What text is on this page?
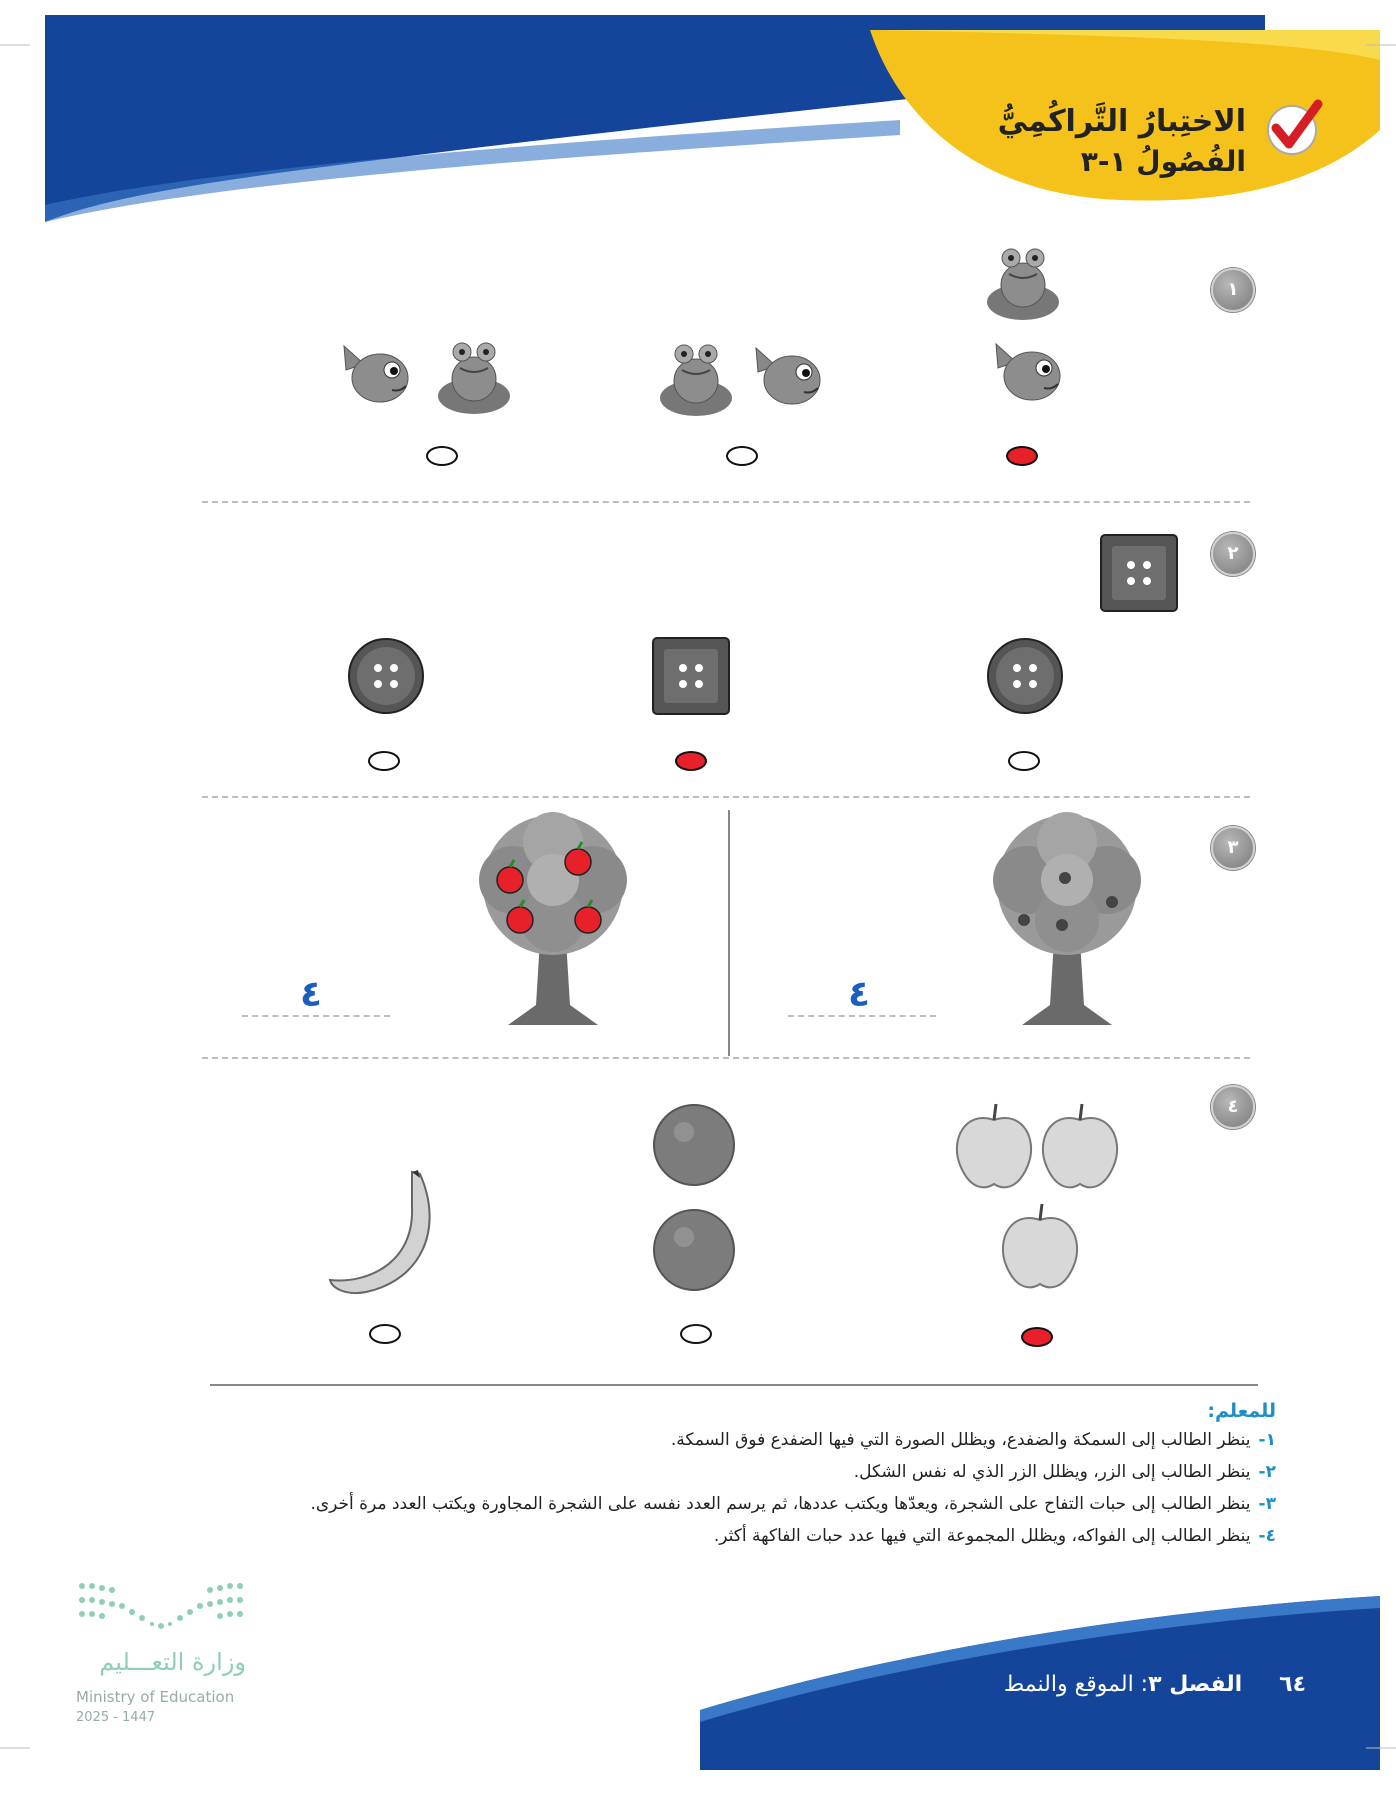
الاختِبارُ التَّراكُمِيُّ
الفُصُولُ ١-٣
١
٢
٣
٤
٤
٤
للمعلم:
١-ينظر الطالب إلى السمكة والضفدع، ويظلل الصورة التي فيها الضفدع فوق السمكة.
٢-ينظر الطالب إلى الزر، ويظلل الزر الذي له نفس الشكل.
٣-ينظر الطالب إلى حبات التفاح على الشجرة، ويعدّها ويكتب عددها، ثم يرسم العدد نفسه على الشجرة المجاورة ويكتب العدد مرة أخرى.
٤-ينظر الطالب إلى الفواكه، ويظلل المجموعة التي فيها عدد حبات الفاكهة أكثر.
٦٤ الفصل ٣: الموقع والنمط
وزارة التعـــليم
Ministry of Education
2025 - 1447
